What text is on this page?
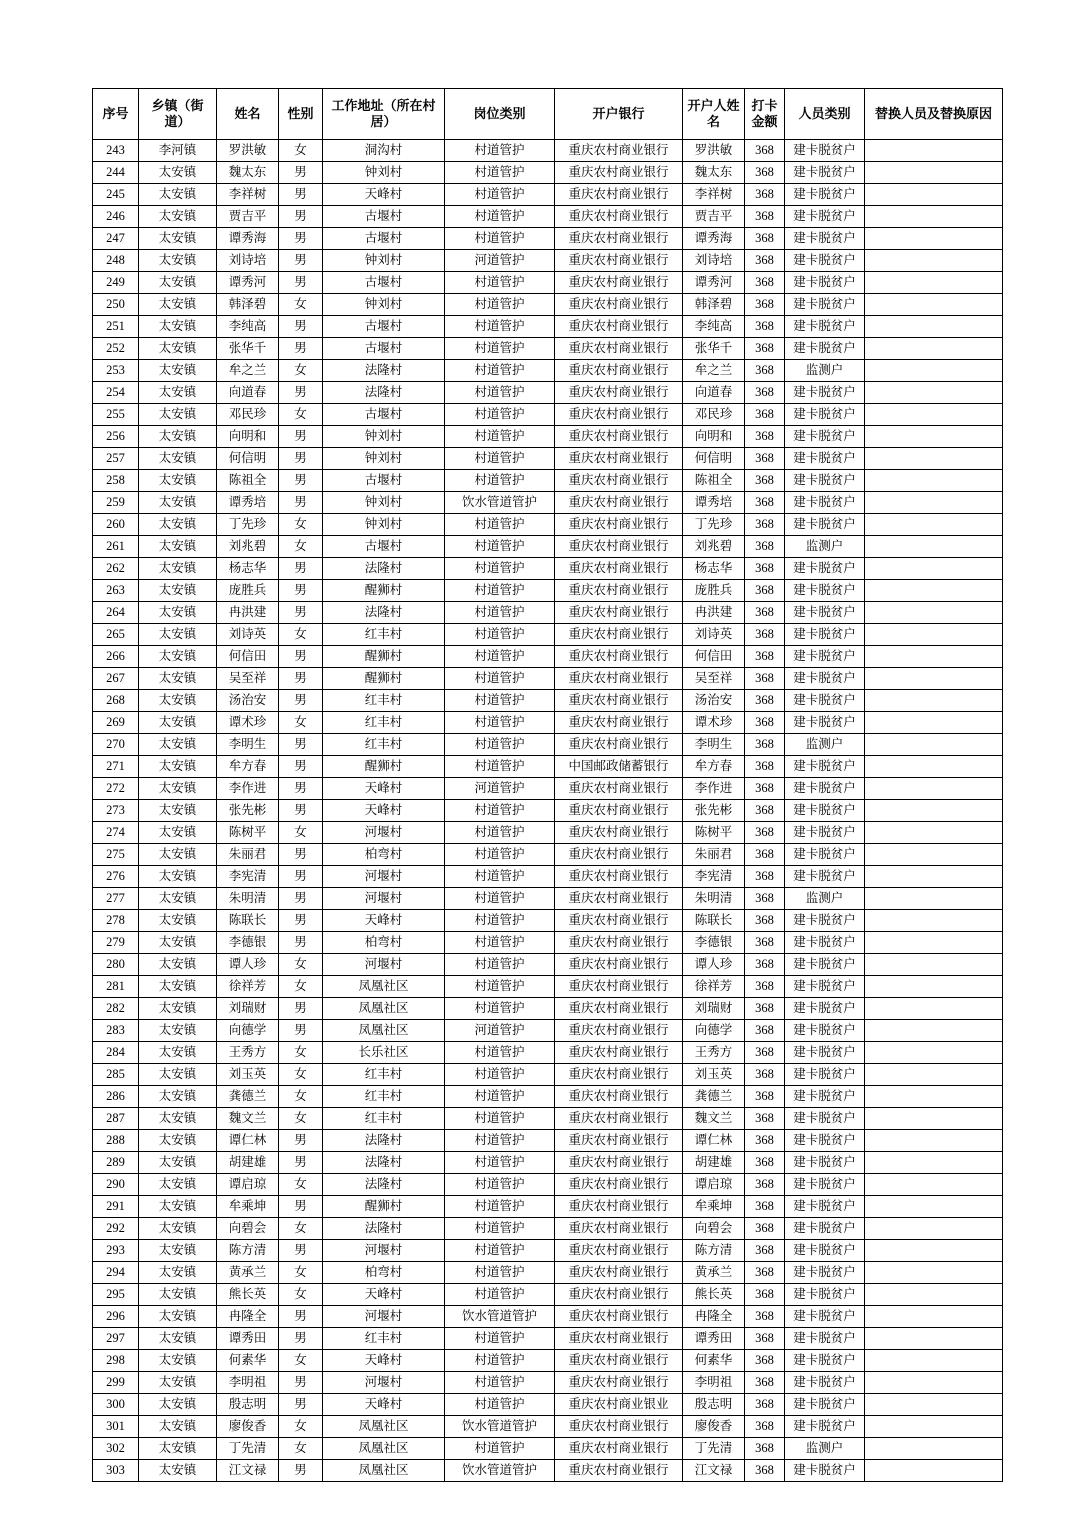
序号	乡镇（街道）	姓名	性别	工作地址（所在村居）	岗位类别	开户银行	开户人姓名	打卡金额	人员类别	替换人员及替换原因
243	李河镇	罗洪敏	女	洞沟村	村道管护	重庆农村商业银行	罗洪敏	368	建卡脱贫户	
244	太安镇	魏太东	男	钟刘村	村道管护	重庆农村商业银行	魏太东	368	建卡脱贫户	
245	太安镇	李祥树	男	天峰村	村道管护	重庆农村商业银行	李祥树	368	建卡脱贫户	
246	太安镇	贾吉平	男	古堰村	村道管护	重庆农村商业银行	贾吉平	368	建卡脱贫户	
247	太安镇	谭秀海	男	古堰村	村道管护	重庆农村商业银行	谭秀海	368	建卡脱贫户	
248	太安镇	刘诗培	男	钟刘村	河道管护	重庆农村商业银行	刘诗培	368	建卡脱贫户	
249	太安镇	谭秀河	男	古堰村	村道管护	重庆农村商业银行	谭秀河	368	建卡脱贫户	
250	太安镇	韩泽碧	女	钟刘村	村道管护	重庆农村商业银行	韩泽碧	368	建卡脱贫户	
251	太安镇	李纯高	男	古堰村	村道管护	重庆农村商业银行	李纯高	368	建卡脱贫户	
252	太安镇	张华千	男	古堰村	村道管护	重庆农村商业银行	张华千	368	建卡脱贫户	
253	太安镇	牟之兰	女	法隆村	村道管护	重庆农村商业银行	牟之兰	368	监测户	
254	太安镇	向道春	男	法隆村	村道管护	重庆农村商业银行	向道春	368	建卡脱贫户	
255	太安镇	邓民珍	女	古堰村	村道管护	重庆农村商业银行	邓民珍	368	建卡脱贫户	
256	太安镇	向明和	男	钟刘村	村道管护	重庆农村商业银行	向明和	368	建卡脱贫户	
257	太安镇	何信明	男	钟刘村	村道管护	重庆农村商业银行	何信明	368	建卡脱贫户	
258	太安镇	陈祖全	男	古堰村	村道管护	重庆农村商业银行	陈祖全	368	建卡脱贫户	
259	太安镇	谭秀培	男	钟刘村	饮水管道管护	重庆农村商业银行	谭秀培	368	建卡脱贫户	
260	太安镇	丁先珍	女	钟刘村	村道管护	重庆农村商业银行	丁先珍	368	建卡脱贫户	
261	太安镇	刘兆碧	女	古堰村	村道管护	重庆农村商业银行	刘兆碧	368	监测户	
262	太安镇	杨志华	男	法隆村	村道管护	重庆农村商业银行	杨志华	368	建卡脱贫户	
263	太安镇	庞胜兵	男	醒狮村	村道管护	重庆农村商业银行	庞胜兵	368	建卡脱贫户	
264	太安镇	冉洪建	男	法隆村	村道管护	重庆农村商业银行	冉洪建	368	建卡脱贫户	
265	太安镇	刘诗英	女	红丰村	村道管护	重庆农村商业银行	刘诗英	368	建卡脱贫户	
266	太安镇	何信田	男	醒狮村	村道管护	重庆农村商业银行	何信田	368	建卡脱贫户	
267	太安镇	吴至祥	男	醒狮村	村道管护	重庆农村商业银行	吴至祥	368	建卡脱贫户	
268	太安镇	汤治安	男	红丰村	村道管护	重庆农村商业银行	汤治安	368	建卡脱贫户	
269	太安镇	谭术珍	女	红丰村	村道管护	重庆农村商业银行	谭术珍	368	建卡脱贫户	
270	太安镇	李明生	男	红丰村	村道管护	重庆农村商业银行	李明生	368	监测户	
271	太安镇	牟方春	男	醒狮村	村道管护	中国邮政储蓄银行	牟方春	368	建卡脱贫户	
272	太安镇	李作进	男	天峰村	河道管护	重庆农村商业银行	李作进	368	建卡脱贫户	
273	太安镇	张先彬	男	天峰村	村道管护	重庆农村商业银行	张先彬	368	建卡脱贫户	
274	太安镇	陈树平	女	河堰村	村道管护	重庆农村商业银行	陈树平	368	建卡脱贫户	
275	太安镇	朱丽君	男	柏弯村	村道管护	重庆农村商业银行	朱丽君	368	建卡脱贫户	
276	太安镇	李宪清	男	河堰村	村道管护	重庆农村商业银行	李宪清	368	建卡脱贫户	
277	太安镇	朱明清	男	河堰村	村道管护	重庆农村商业银行	朱明清	368	监测户	
278	太安镇	陈联长	男	天峰村	村道管护	重庆农村商业银行	陈联长	368	建卡脱贫户	
279	太安镇	李德银	男	柏弯村	村道管护	重庆农村商业银行	李德银	368	建卡脱贫户	
280	太安镇	谭人珍	女	河堰村	村道管护	重庆农村商业银行	谭人珍	368	建卡脱贫户	
281	太安镇	徐祥芳	女	凤凰社区	村道管护	重庆农村商业银行	徐祥芳	368	建卡脱贫户	
282	太安镇	刘瑞财	男	凤凰社区	村道管护	重庆农村商业银行	刘瑞财	368	建卡脱贫户	
283	太安镇	向德学	男	凤凰社区	河道管护	重庆农村商业银行	向德学	368	建卡脱贫户	
284	太安镇	王秀方	女	长乐社区	村道管护	重庆农村商业银行	王秀方	368	建卡脱贫户	
285	太安镇	刘玉英	女	红丰村	村道管护	重庆农村商业银行	刘玉英	368	建卡脱贫户	
286	太安镇	龚德兰	女	红丰村	村道管护	重庆农村商业银行	龚德兰	368	建卡脱贫户	
287	太安镇	魏文兰	女	红丰村	村道管护	重庆农村商业银行	魏文兰	368	建卡脱贫户	
288	太安镇	谭仁林	男	法隆村	村道管护	重庆农村商业银行	谭仁林	368	建卡脱贫户	
289	太安镇	胡建雄	男	法隆村	村道管护	重庆农村商业银行	胡建雄	368	建卡脱贫户	
290	太安镇	谭启琼	女	法隆村	村道管护	重庆农村商业银行	谭启琼	368	建卡脱贫户	
291	太安镇	牟乘坤	男	醒狮村	村道管护	重庆农村商业银行	牟乘坤	368	建卡脱贫户	
292	太安镇	向碧会	女	法隆村	村道管护	重庆农村商业银行	向碧会	368	建卡脱贫户	
293	太安镇	陈方清	男	河堰村	村道管护	重庆农村商业银行	陈方清	368	建卡脱贫户	
294	太安镇	黄承兰	女	柏弯村	村道管护	重庆农村商业银行	黄承兰	368	建卡脱贫户	
295	太安镇	熊长英	女	天峰村	村道管护	重庆农村商业银行	熊长英	368	建卡脱贫户	
296	太安镇	冉隆全	男	河堰村	饮水管道管护	重庆农村商业银行	冉隆全	368	建卡脱贫户	
297	太安镇	谭秀田	男	红丰村	村道管护	重庆农村商业银行	谭秀田	368	建卡脱贫户	
298	太安镇	何素华	女	天峰村	村道管护	重庆农村商业银行	何素华	368	建卡脱贫户	
299	太安镇	李明祖	男	河堰村	村道管护	重庆农村商业银行	李明祖	368	建卡脱贫户	
300	太安镇	殷志明	男	天峰村	村道管护	重庆农村商业银业	殷志明	368	建卡脱贫户	
301	太安镇	廖俊香	女	凤凰社区	饮水管道管护	重庆农村商业银行	廖俊香	368	建卡脱贫户	
302	太安镇	丁先清	女	凤凰社区	村道管护	重庆农村商业银行	丁先清	368	监测户	
303	太安镇	江文禄	男	凤凰社区	饮水管道管护	重庆农村商业银行	江文禄	368	建卡脱贫户	
